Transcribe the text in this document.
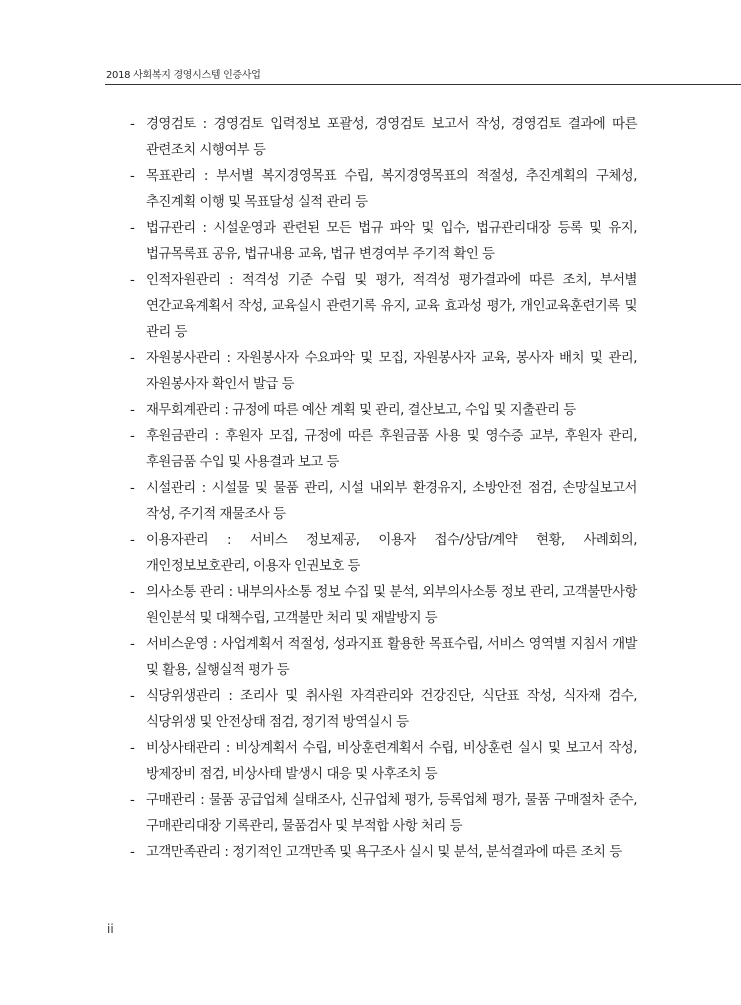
2018 사회복지 경영시스템 인증사업
- 경영검토 : 경영검토 입력정보 포괄성, 경영검토 보고서 작성, 경영검토 결과에 따른 관련조치 시행여부 등
- 목표관리 : 부서별 복지경영목표 수립, 복지경영목표의 적절성, 추진계획의 구체성, 추진계획 이행 및 목표달성 실적 관리 등
- 법규관리 : 시설운영과 관련된 모든 법규 파악 및 입수, 법규관리대장 등록 및 유지, 법규목록표 공유, 법규내용 교육, 법규 변경여부 주기적 확인 등
- 인적자원관리 : 적격성 기준 수립 및 평가, 적격성 평가결과에 따른 조치, 부서별 연간교육계획서 작성, 교육실시 관련기록 유지, 교육 효과성 평가, 개인교육훈련기록 및 관리 등
- 자원봉사관리 : 자원봉사자 수요파악 및 모집, 자원봉사자 교육, 봉사자 배치 및 관리, 자원봉사자 확인서 발급 등
- 재무회계관리 : 규정에 따른 예산 계획 및 관리, 결산보고, 수입 및 지출관리 등
- 후원금관리 : 후원자 모집, 규정에 따른 후원금품 사용 및 영수증 교부, 후원자 관리, 후원금품 수입 및 사용결과 보고 등
- 시설관리 : 시설물 및 물품 관리, 시설 내외부 환경유지, 소방안전 점검, 손망실보고서 작성, 주기적 재물조사 등
- 이용자관리 : 서비스 정보제공, 이용자 접수/상담/계약 현황, 사례회의, 개인정보보호관리, 이용자 인권보호 등
- 의사소통 관리 : 내부의사소통 정보 수집 및 분석, 외부의사소통 정보 관리, 고객불만사항 원인분석 및 대책수립, 고객불만 처리 및 재발방지 등
- 서비스운영 : 사업계획서 적절성, 성과지표 활용한 목표수립, 서비스 영역별 지침서 개발 및 활용, 실행실적 평가 등
- 식당위생관리 : 조리사 및 취사원 자격관리와 건강진단, 식단표 작성, 식자재 검수, 식당위생 및 안전상태 점검, 정기적 방역실시 등
- 비상사태관리 : 비상계획서 수립, 비상훈련계획서 수립, 비상훈련 실시 및 보고서 작성, 방제장비 점검, 비상사태 발생시 대응 및 사후조치 등
- 구매관리 : 물품 공급업체 실태조사, 신규업체 평가, 등록업체 평가, 물품 구매절차 준수, 구매관리대장 기록관리, 물품검사 및 부적합 사항 처리 등
- 고객만족관리 : 정기적인 고객만족 및 욕구조사 실시 및 분석, 분석결과에 따른 조치 등
ii
